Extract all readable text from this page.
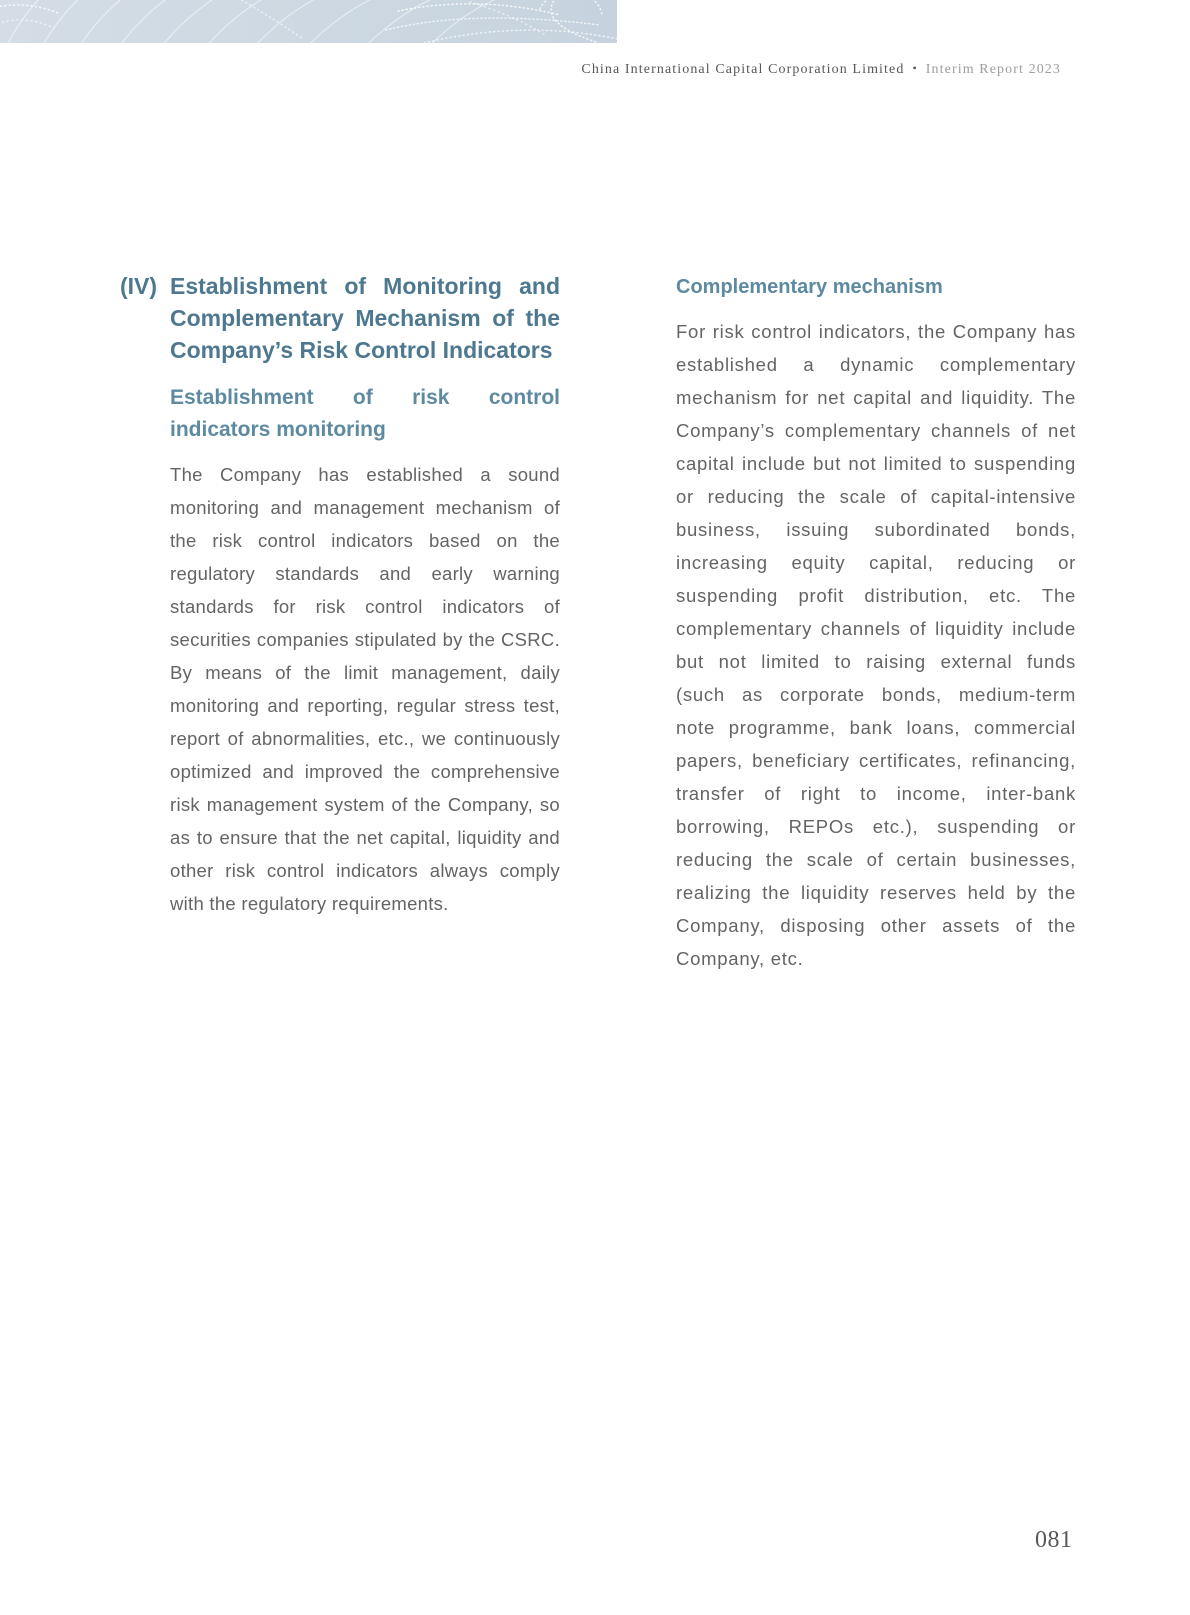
China International Capital Corporation Limited • Interim Report 2023
(IV) Establishment of Monitoring and Complementary Mechanism of the Company’s Risk Control Indicators
Establishment of risk control indicators monitoring

The Company has established a sound monitoring and management mechanism of the risk control indicators based on the regulatory standards and early warning standards for risk control indicators of securities companies stipulated by the CSRC. By means of the limit management, daily monitoring and reporting, regular stress test, report of abnormalities, etc., we continuously optimized and improved the comprehensive risk management system of the Company, so as to ensure that the net capital, liquidity and other risk control indicators always comply with the regulatory requirements.

Complementary mechanism

For risk control indicators, the Company has established a dynamic complementary mechanism for net capital and liquidity. The Company’s complementary channels of net capital include but not limited to suspending or reducing the scale of capital-intensive business, issuing subordinated bonds, increasing equity capital, reducing or suspending profit distribution, etc. The complementary channels of liquidity include but not limited to raising external funds (such as corporate bonds, medium-term note programme, bank loans, commercial papers, beneficiary certificates, refinancing, transfer of right to income, inter-bank borrowing, REPOs etc.), suspending or reducing the scale of certain businesses, realizing the liquidity reserves held by the Company, disposing other assets of the Company, etc.

081
